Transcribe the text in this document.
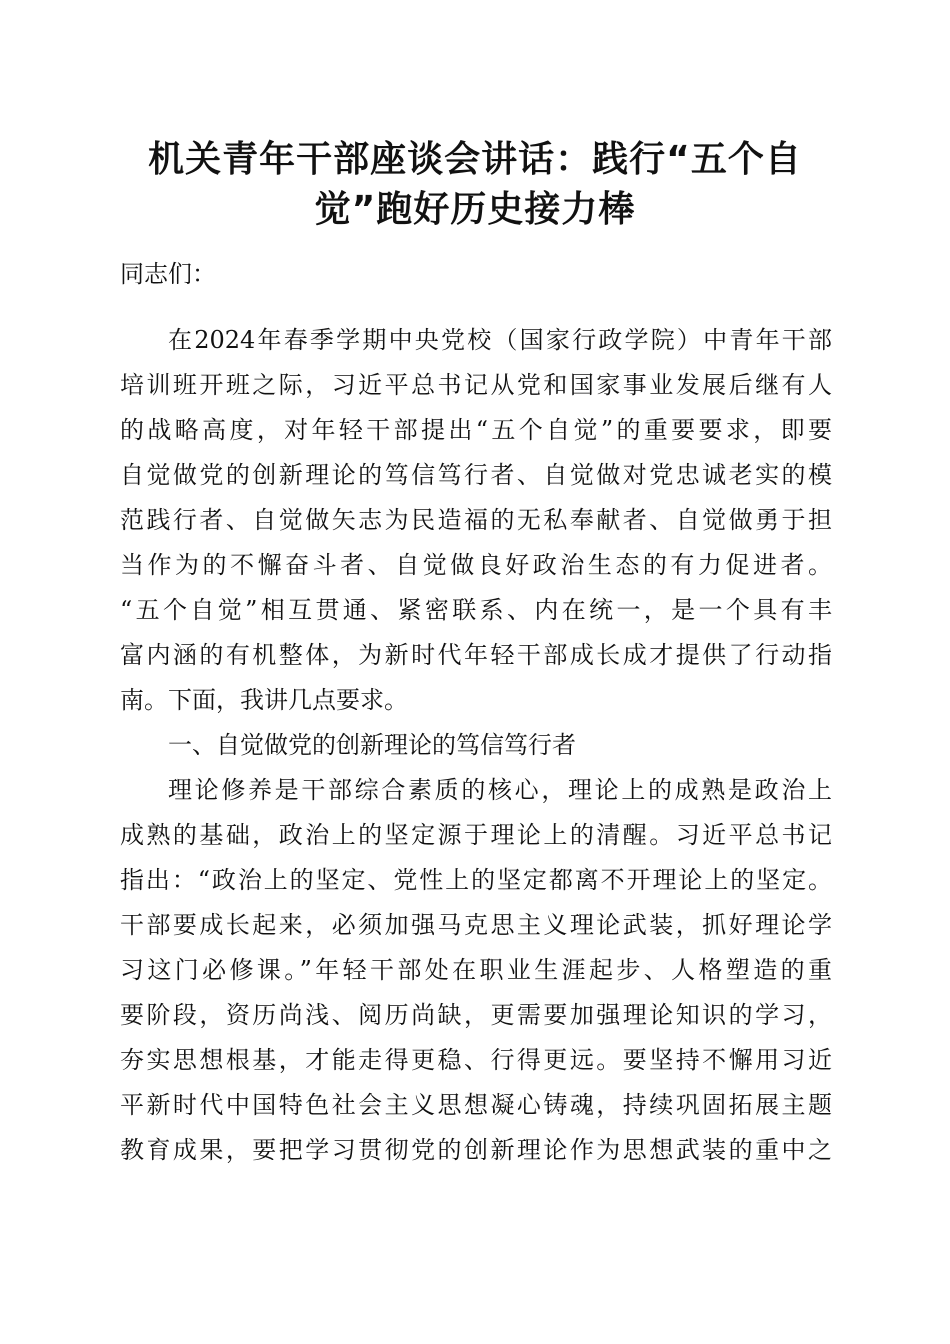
机关青年干部座谈会讲话：践行“五个自
觉”跑好历史接力棒

同志们：

在2024年春季学期中央党校（国家行政学院）中青年干部

培训班开班之际，习近平总书记从党和国家事业发展后继有人

的战略高度，对年轻干部提出“五个自觉”的重要要求，即要

自觉做党的创新理论的笃信笃行者、自觉做对党忠诚老实的模

范践行者、自觉做矢志为民造福的无私奉献者、自觉做勇于担

当作为的不懈奋斗者、自觉做良好政治生态的有力促进者。

“五个自觉”相互贯通、紧密联系、内在统一，是一个具有丰

富内涵的有机整体，为新时代年轻干部成长成才提供了行动指

南。下面，我讲几点要求。

一、自觉做党的创新理论的笃信笃行者

理论修养是干部综合素质的核心，理论上的成熟是政治上

成熟的基础，政治上的坚定源于理论上的清醒。习近平总书记

指出：“政治上的坚定、党性上的坚定都离不开理论上的坚定。

干部要成长起来，必须加强马克思主义理论武装，抓好理论学

习这门必修课。”年轻干部处在职业生涯起步、人格塑造的重

要阶段，资历尚浅、阅历尚缺，更需要加强理论知识的学习，

夯实思想根基，才能走得更稳、行得更远。要坚持不懈用习近

平新时代中国特色社会主义思想凝心铸魂，持续巩固拓展主题

教育成果，要把学习贯彻党的创新理论作为思想武装的重中之
